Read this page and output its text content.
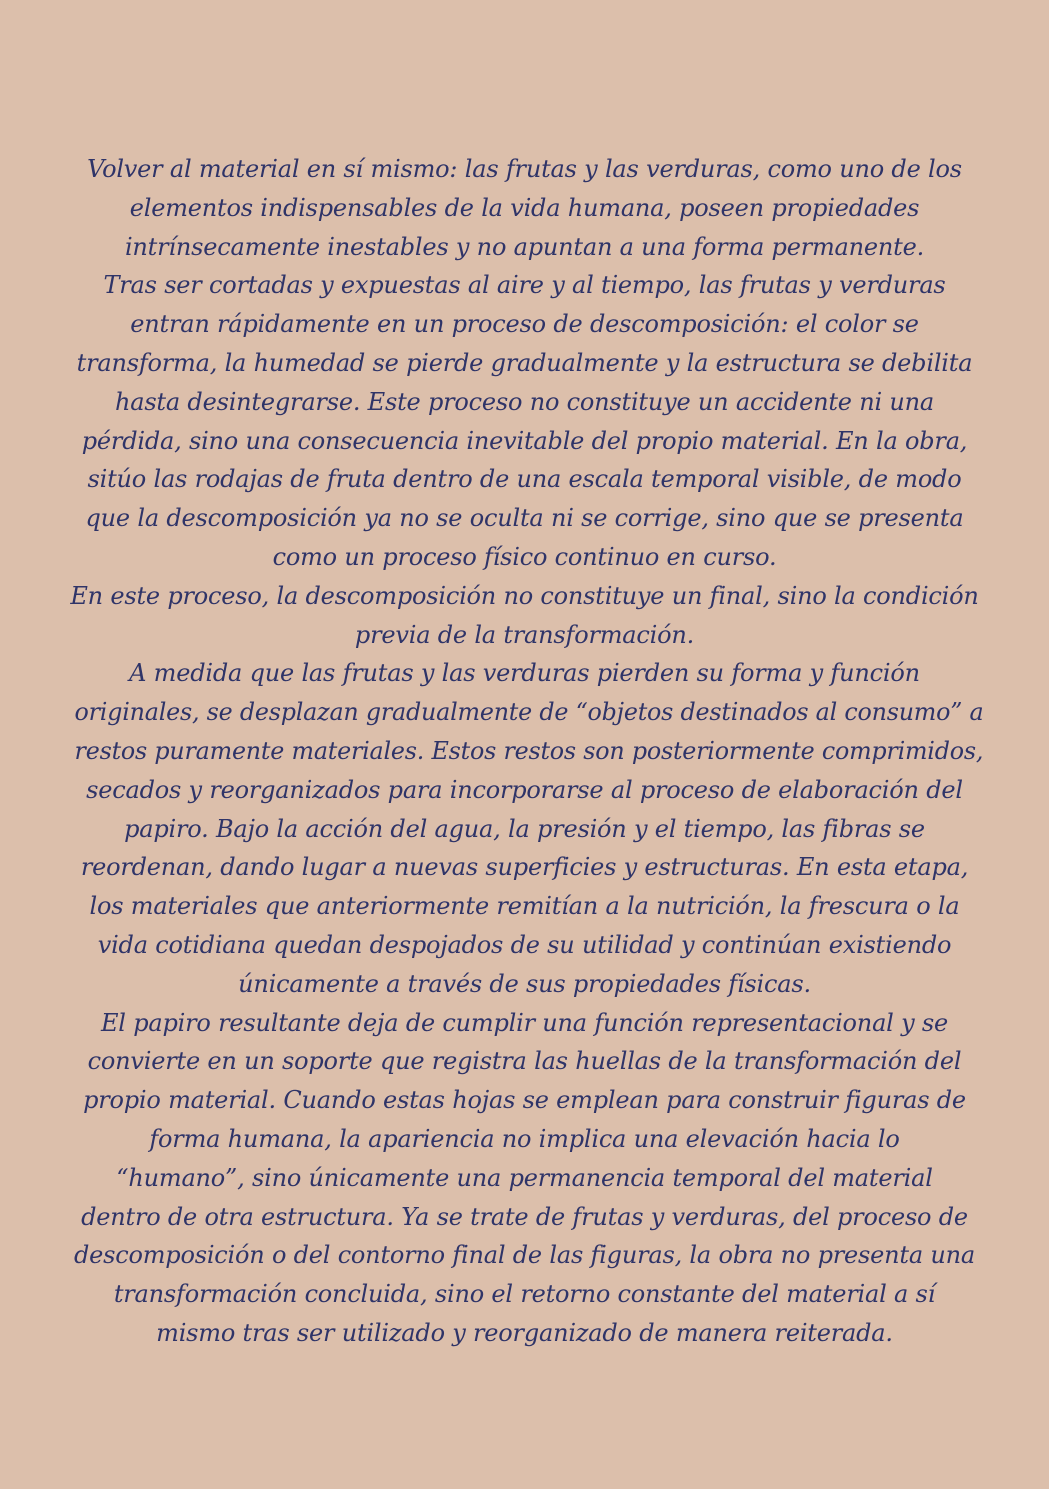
Volver al material en sí mismo: las frutas y las verduras, como uno de los
elementos indispensables de la vida humana, poseen propiedades
intrínsecamente inestables y no apuntan a una forma permanente.
Tras ser cortadas y expuestas al aire y al tiempo, las frutas y verduras
entran rápidamente en un proceso de descomposición: el color se
transforma, la humedad se pierde gradualmente y la estructura se debilita
hasta desintegrarse. Este proceso no constituye un accidente ni una
pérdida, sino una consecuencia inevitable del propio material. En la obra,
sitúo las rodajas de fruta dentro de una escala temporal visible, de modo
que la descomposición ya no se oculta ni se corrige, sino que se presenta
como un proceso físico continuo en curso.
En este proceso, la descomposición no constituye un final, sino la condición
previa de la transformación.
A medida que las frutas y las verduras pierden su forma y función
originales, se desplazan gradualmente de “objetos destinados al consumo” a
restos puramente materiales. Estos restos son posteriormente comprimidos,
secados y reorganizados para incorporarse al proceso de elaboración del
papiro. Bajo la acción del agua, la presión y el tiempo, las fibras se
reordenan, dando lugar a nuevas superficies y estructuras. En esta etapa,
los materiales que anteriormente remitían a la nutrición, la frescura o la
vida cotidiana quedan despojados de su utilidad y continúan existiendo
únicamente a través de sus propiedades físicas.
El papiro resultante deja de cumplir una función representacional y se
convierte en un soporte que registra las huellas de la transformación del
propio material. Cuando estas hojas se emplean para construir figuras de
forma humana, la apariencia no implica una elevación hacia lo
“humano”, sino únicamente una permanencia temporal del material
dentro de otra estructura. Ya se trate de frutas y verduras, del proceso de
descomposición o del contorno final de las figuras, la obra no presenta una
transformación concluida, sino el retorno constante del material a sí
mismo tras ser utilizado y reorganizado de manera reiterada.
